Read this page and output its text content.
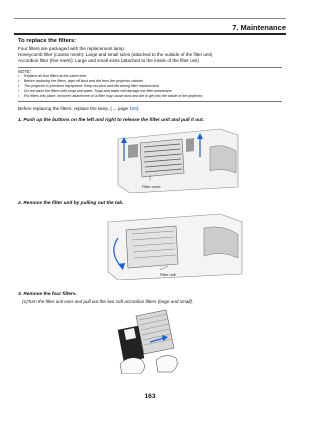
7. Maintenance
To replace the filters:
Four filters are packaged with the replacement lamp.
Honeycomb filter (coarse mesh): Large and small sizes (attached to the outside of the filter unit)
Accordion filter (fine mesh): Large and small sizes (attached to the inside of the filter unit)
NOTE:
• Replace all four filters at the same time.
• Before replacing the filters, wipe off dust and dirt from the projector cabinet.
• The projector is precision equipment. Keep out dust and dirt during filter replacement.
• Do not wash the filters with soap and water. Soap and water will damage the filter membrane.
• Put filters into place. Incorrect attachment of a filter may cause dust and dirt to get into the inside of the projector.
Before replacing the filters, replace the lamp. (→ page 160)
1. Push up the buttons on the left and right to release the filter unit and pull it out.
Filter cover
2. Remove the filter unit by pulling out the tab.
Filter unit
3. Remove the four filters.
(1)Turn the filter unit over and pull out the two soft accordion filters (large and small).
163
